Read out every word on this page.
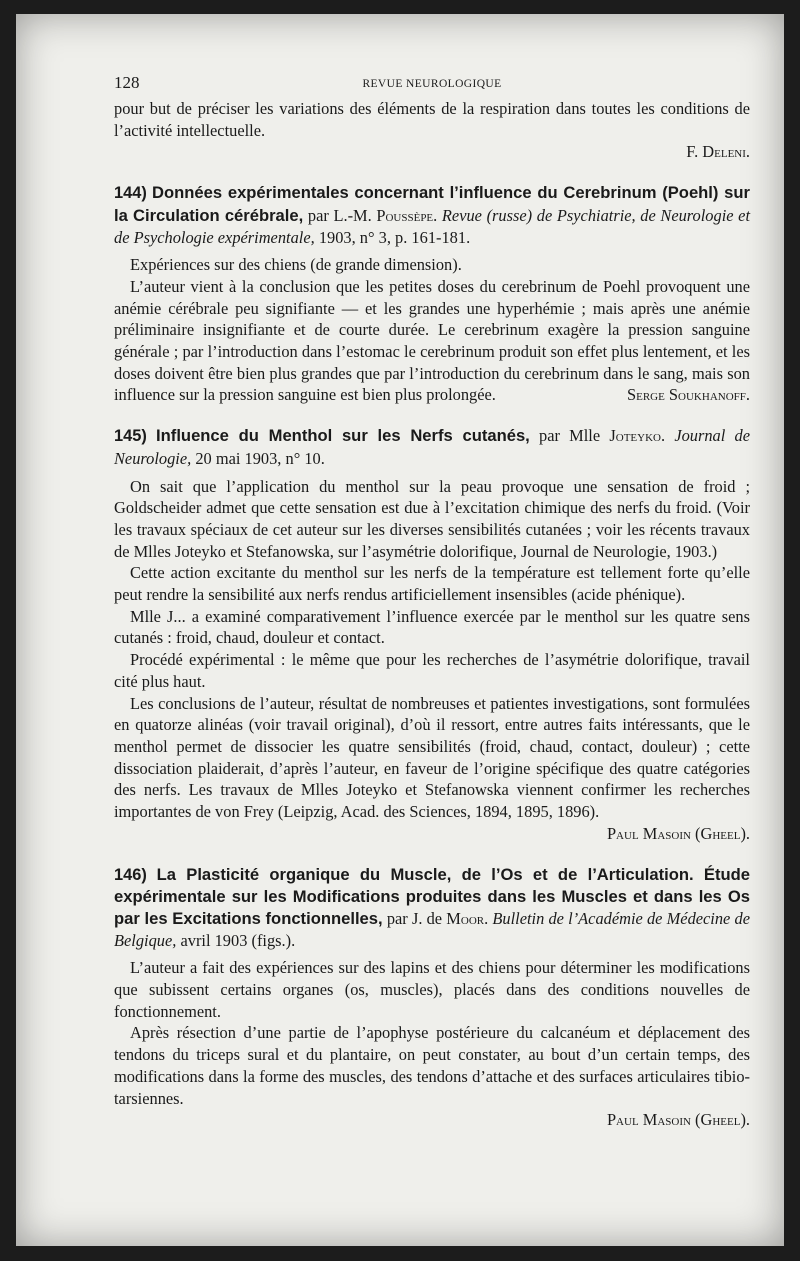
128	REVUE NEUROLOGIQUE

pour but de préciser les variations des éléments de la respiration dans toutes les conditions de l’activité intellectuelle.

F. Deleni.

144) Données expérimentales concernant l’influence du Cerebrinum (Poehl) sur la Circulation cérébrale, par L.-M. Poussèpe. Revue (russe) de Psychiatrie, de Neurologie et de Psychologie expérimentale, 1903, n° 3, p. 161-181.

Expériences sur des chiens (de grande dimension).

L’auteur vient à la conclusion que les petites doses du cerebrinum de Poehl provoquent une anémie cérébrale peu signifiante — et les grandes une hyperhémie ; mais après une anémie préliminaire insignifiante et de courte durée. Le cerebrinum exagère la pression sanguine générale ; par l’introduction dans l’estomac le cerebrinum produit son effet plus lentement, et les doses doivent être bien plus grandes que par l’introduction du cerebrinum dans le sang, mais son influence sur la pression sanguine est bien plus prolongée.	Serge Soukhanoff.

145) Influence du Menthol sur les Nerfs cutanés, par Mlle Joteyko. Journal de Neurologie, 20 mai 1903, n° 10.

On sait que l’application du menthol sur la peau provoque une sensation de froid ; Goldscheider admet que cette sensation est due à l’excitation chimique des nerfs du froid. (Voir les travaux spéciaux de cet auteur sur les diverses sensibilités cutanées ; voir les récents travaux de Mlles Joteyko et Stefanowska, sur l’asymétrie dolorifique, Journal de Neurologie, 1903.)

Cette action excitante du menthol sur les nerfs de la température est tellement forte qu’elle peut rendre la sensibilité aux nerfs rendus artificiellement insensibles (acide phénique).

Mlle J... a examiné comparativement l’influence exercée par le menthol sur les quatre sens cutanés : froid, chaud, douleur et contact.

Procédé expérimental : le même que pour les recherches de l’asymétrie dolorifique, travail cité plus haut.

Les conclusions de l’auteur, résultat de nombreuses et patientes investigations, sont formulées en quatorze alinéas (voir travail original), d’où il ressort, entre autres faits intéressants, que le menthol permet de dissocier les quatre sensibilités (froid, chaud, contact, douleur) ; cette dissociation plaiderait, d’après l’auteur, en faveur de l’origine spécifique des quatre catégories des nerfs. Les travaux de Mlles Joteyko et Stefanowska viennent confirmer les recherches importantes de von Frey (Leipzig, Acad. des Sciences, 1894, 1895, 1896).

Paul Masoin (Gheel).

146) La Plasticité organique du Muscle, de l’Os et de l’Articulation. Étude expérimentale sur les Modifications produites dans les Muscles et dans les Os par les Excitations fonctionnelles, par J. de Moor. Bulletin de l’Académie de Médecine de Belgique, avril 1903 (figs.).

L’auteur a fait des expériences sur des lapins et des chiens pour déterminer les modifications que subissent certains organes (os, muscles), placés dans des conditions nouvelles de fonctionnement.

Après résection d’une partie de l’apophyse postérieure du calcanéum et déplacement des tendons du triceps sural et du plantaire, on peut constater, au bout d’un certain temps, des modifications dans la forme des muscles, des tendons d’attache et des surfaces articulaires tibio-tarsiennes.

Paul Masoin (Gheel).
